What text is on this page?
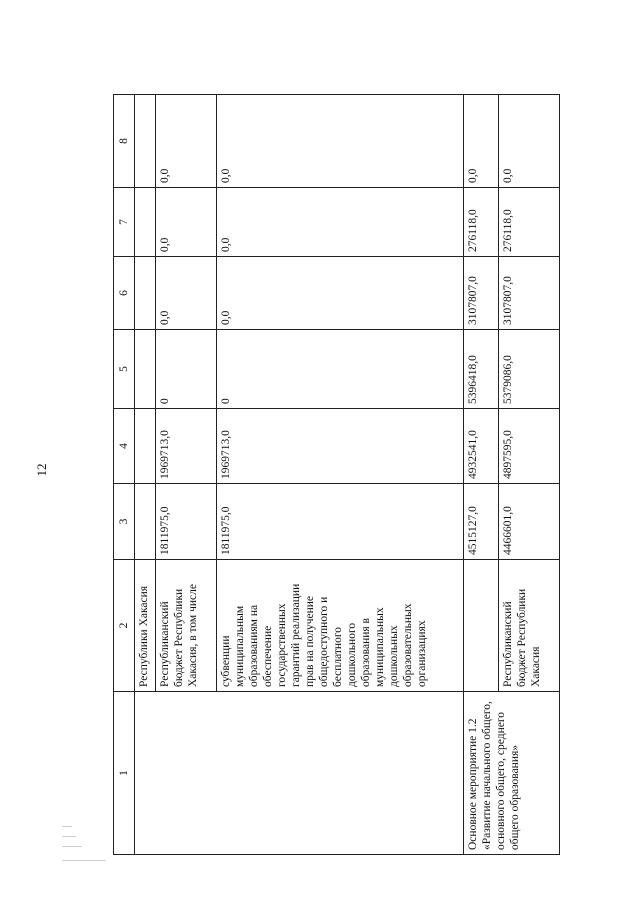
12
1	2	3	4	5	6	7	8
	Республики Хакасия						
	Республиканский бюджет Республики Хакасия, в том числе	1811975,0	1969713,0	0	0,0	0,0	0,0
	субвенции муниципальным образованиям на обеспечение государственных гарантий реализации прав на получение общедоступного и бесплатного дошкольного образования в муниципальных дошкольных образовательных организациях	1811975,0	1969713,0	0	0,0	0,0	0,0
Основное мероприятие 1.2 «Развитие начального общего, основного общего, среднего общего образования»		4515127,0	4932541,0	5396418,0	3107807,0	276118,0	0,0
	Республиканский бюджет Республики Хакасия	4466601,0	4897595,0	5379086,0	3107807,0	276118,0	0,0
